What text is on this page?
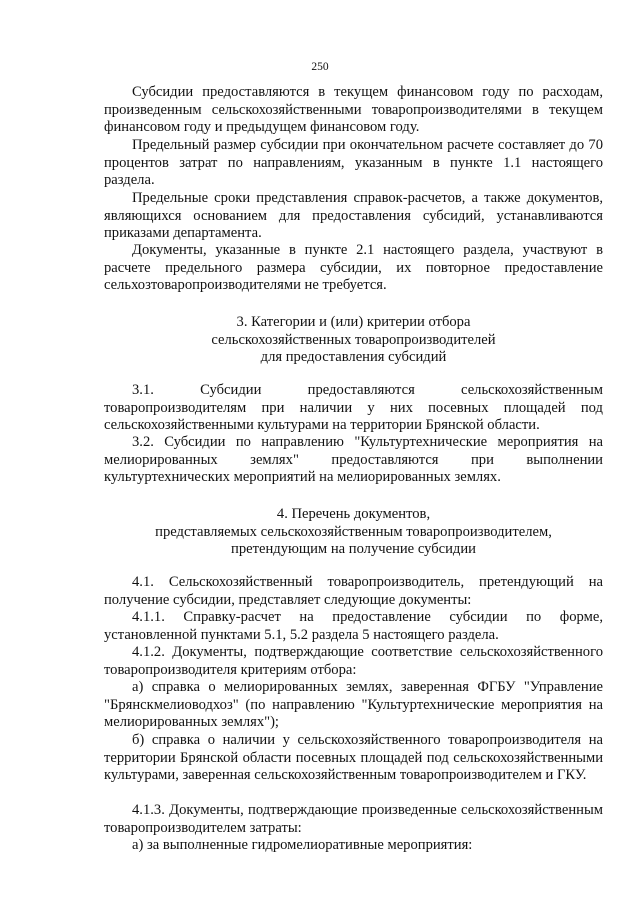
250
Субсидии предоставляются в текущем финансовом году по расходам, произведенным сельскохозяйственными товаропроизводителями в текущем финансовом году и предыдущем финансовом году.
Предельный размер субсидии при окончательном расчете составляет до 70 процентов затрат по направлениям, указанным в пункте 1.1 настоящего раздела.
Предельные сроки представления справок-расчетов, а также документов, являющихся основанием для предоставления субсидий, устанавливаются приказами департамента.
Документы, указанные в пункте 2.1 настоящего раздела, участвуют в расчете предельного размера субсидии, их повторное предоставление сельхозтоваропроизводителями не требуется.
3. Категории и (или) критерии отбора
сельскохозяйственных товаропроизводителей
для предоставления субсидий
3.1. Субсидии предоставляются сельскохозяйственным товаропроизводителям при наличии у них посевных площадей под сельскохозяйственными культурами на территории Брянской области.
3.2. Субсидии по направлению "Культуртехнические мероприятия на мелиорированных землях" предоставляются при выполнении культуртехнических мероприятий на мелиорированных землях.
4. Перечень документов,
представляемых сельскохозяйственным товаропроизводителем,
претендующим на получение субсидии
4.1. Сельскохозяйственный товаропроизводитель, претендующий на получение субсидии, представляет следующие документы:
4.1.1. Справку-расчет на предоставление субсидии по форме, установленной пунктами 5.1, 5.2 раздела 5 настоящего раздела.
4.1.2. Документы, подтверждающие соответствие сельскохозяйственного товаропроизводителя критериям отбора:
а) справка о мелиорированных землях, заверенная ФГБУ "Управление "Брянскмелиоводхоз" (по направлению "Культуртехнические мероприятия на мелиорированных землях");
б) справка о наличии у сельскохозяйственного товаропроизводителя на территории Брянской области посевных площадей под сельскохозяйственными культурами, заверенная сельскохозяйственным товаропроизводителем и ГКУ.
4.1.3. Документы, подтверждающие произведенные сельскохозяйственным товаропроизводителем затраты:
а) за выполненные гидромелиоративные мероприятия:
